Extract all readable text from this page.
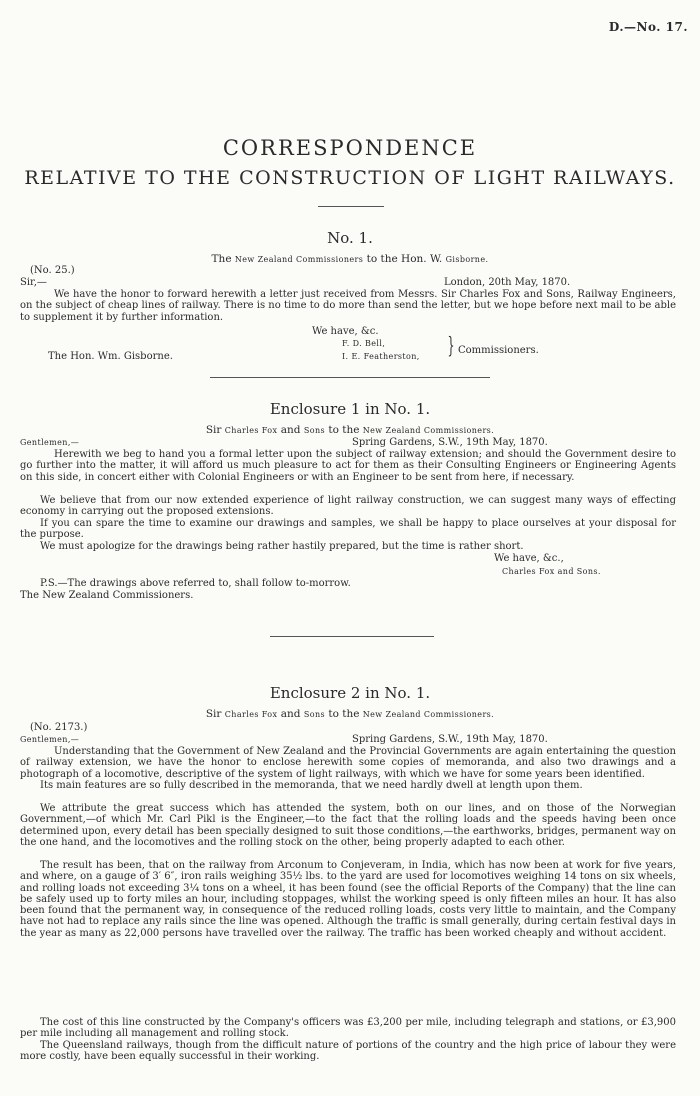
D.—No. 17.
CORRESPONDENCE
RELATIVE TO THE CONSTRUCTION OF LIGHT RAILWAYS.
No. 1.
The New Zealand Commissioners to the Hon. W. Gisborne.
(No. 25.)
Sir,—	London, 20th May, 1870.
We have the honor to forward herewith a letter just received from Messrs. Sir Charles Fox and Sons, Railway Engineers, on the subject of cheap lines of railway. There is no time to do more than send the letter, but we hope before next mail to be able to supplement it by further information.
We have, &c.
F. D. Bell,
I. E. Featherston, } Commissioners.
The Hon. Wm. Gisborne.
Enclosure 1 in No. 1.
Sir Charles Fox and Sons to the New Zealand Commissioners.
Gentlemen,—	Spring Gardens, S.W., 19th May, 1870.
Herewith we beg to hand you a formal letter upon the subject of railway extension; and should the Government desire to go further into the matter, it will afford us much pleasure to act for them as their Consulting Engineers or Engineering Agents on this side, in concert either with Colonial Engineers or with an Engineer to be sent from here, if necessary.
We believe that from our now extended experience of light railway construction, we can suggest many ways of effecting economy in carrying out the proposed extensions.
If you can spare the time to examine our drawings and samples, we shall be happy to place ourselves at your disposal for the purpose.
We must apologize for the drawings being rather hastily prepared, but the time is rather short.
We have, &c.,
Charles Fox and Sons.
P.S.—The drawings above referred to, shall follow to-morrow.
The New Zealand Commissioners.
Enclosure 2 in No. 1.
Sir Charles Fox and Sons to the New Zealand Commissioners.
(No. 2173.)
Gentlemen,—	Spring Gardens, S.W., 19th May, 1870.
Understanding that the Government of New Zealand and the Provincial Governments are again entertaining the question of railway extension, we have the honor to enclose herewith some copies of memoranda, and also two drawings and a photograph of a locomotive, descriptive of the system of light railways, with which we have for some years been identified.
Its main features are so fully described in the memoranda, that we need hardly dwell at length upon them.
We attribute the great success which has attended the system, both on our lines, and on those of the Norwegian Government,—of which Mr. Carl Pikl is the Engineer,—to the fact that the rolling loads and the speeds having been once determined upon, every detail has been specially designed to suit those conditions,—the earthworks, bridges, permanent way on the one hand, and the locomotives and the rolling stock on the other, being properly adapted to each other.
The result has been, that on the railway from Arconum to Conjeveram, in India, which has now been at work for five years, and where, on a gauge of 3′ 6″, iron rails weighing 35½ lbs. to the yard are used for locomotives weighing 14 tons on six wheels, and rolling loads not exceeding 3¼ tons on a wheel, it has been found (see the official Reports of the Company) that the line can be safely used up to forty miles an hour, including stoppages, whilst the working speed is only fifteen miles an hour. It has also been found that the permanent way, in consequence of the reduced rolling loads, costs very little to maintain, and the Company have not had to replace any rails since the line was opened. Although the traffic is small generally, during certain festival days in the year as many as 22,000 persons have travelled over the railway. The traffic has been worked cheaply and without accident.
The cost of this line constructed by the Company's officers was £3,200 per mile, including telegraph and stations, or £3,900 per mile including all management and rolling stock.
The Queensland railways, though from the difficult nature of portions of the country and the high price of labour they were more costly, have been equally successful in their working.
